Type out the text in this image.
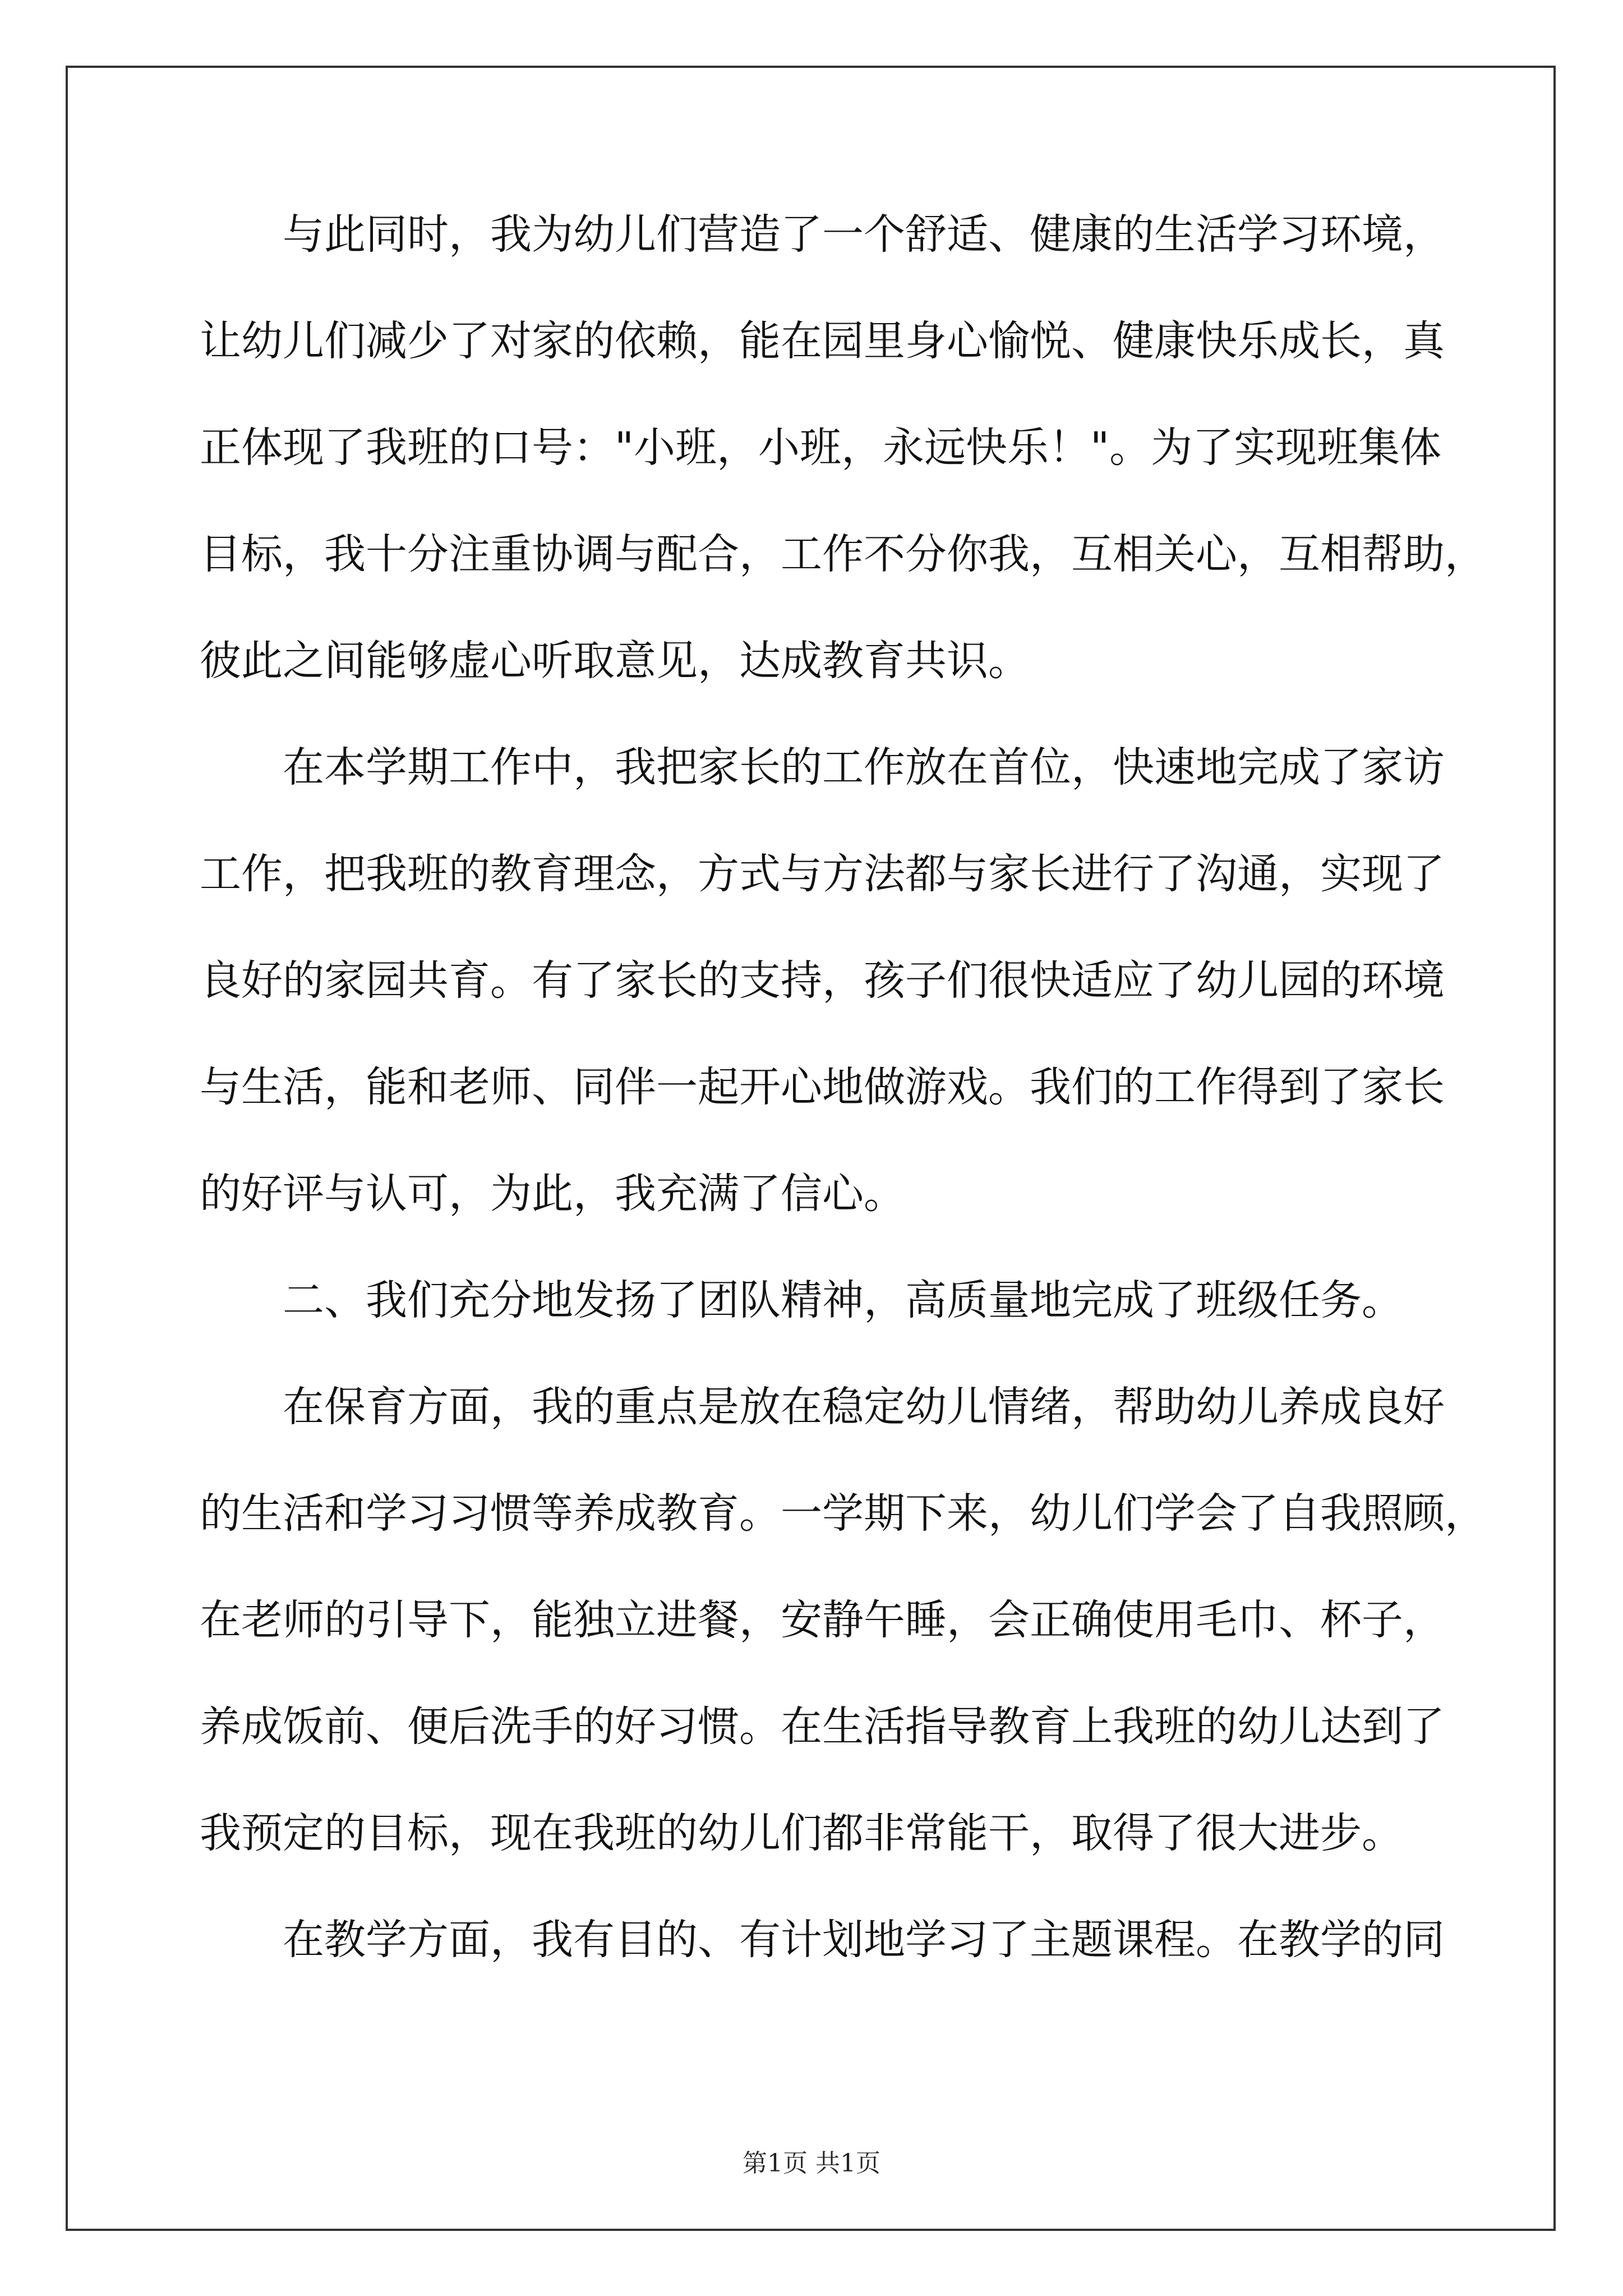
与此同时，我为幼儿们营造了一个舒适、健康的生活学习环境，
让幼儿们减少了对家的依赖，能在园里身心愉悦、健康快乐成长，真
正体现了我班的口号："小班，小班，永远快乐！"。为了实现班集体
目标，我十分注重协调与配合，工作不分你我，互相关心，互相帮助，
彼此之间能够虚心听取意见，达成教育共识。
在本学期工作中，我把家长的工作放在首位，快速地完成了家访
工作，把我班的教育理念，方式与方法都与家长进行了沟通，实现了
良好的家园共育。有了家长的支持，孩子们很快适应了幼儿园的环境
与生活，能和老师、同伴一起开心地做游戏。我们的工作得到了家长
的好评与认可，为此，我充满了信心。
二、我们充分地发扬了团队精神，高质量地完成了班级任务。
在保育方面，我的重点是放在稳定幼儿情绪，帮助幼儿养成良好
的生活和学习习惯等养成教育。一学期下来，幼儿们学会了自我照顾，
在老师的引导下，能独立进餐，安静午睡，会正确使用毛巾、杯子，
养成饭前、便后洗手的好习惯。在生活指导教育上我班的幼儿达到了
我预定的目标，现在我班的幼儿们都非常能干，取得了很大进步。
在教学方面，我有目的、有计划地学习了主题课程。在教学的同
第1页 共1页
